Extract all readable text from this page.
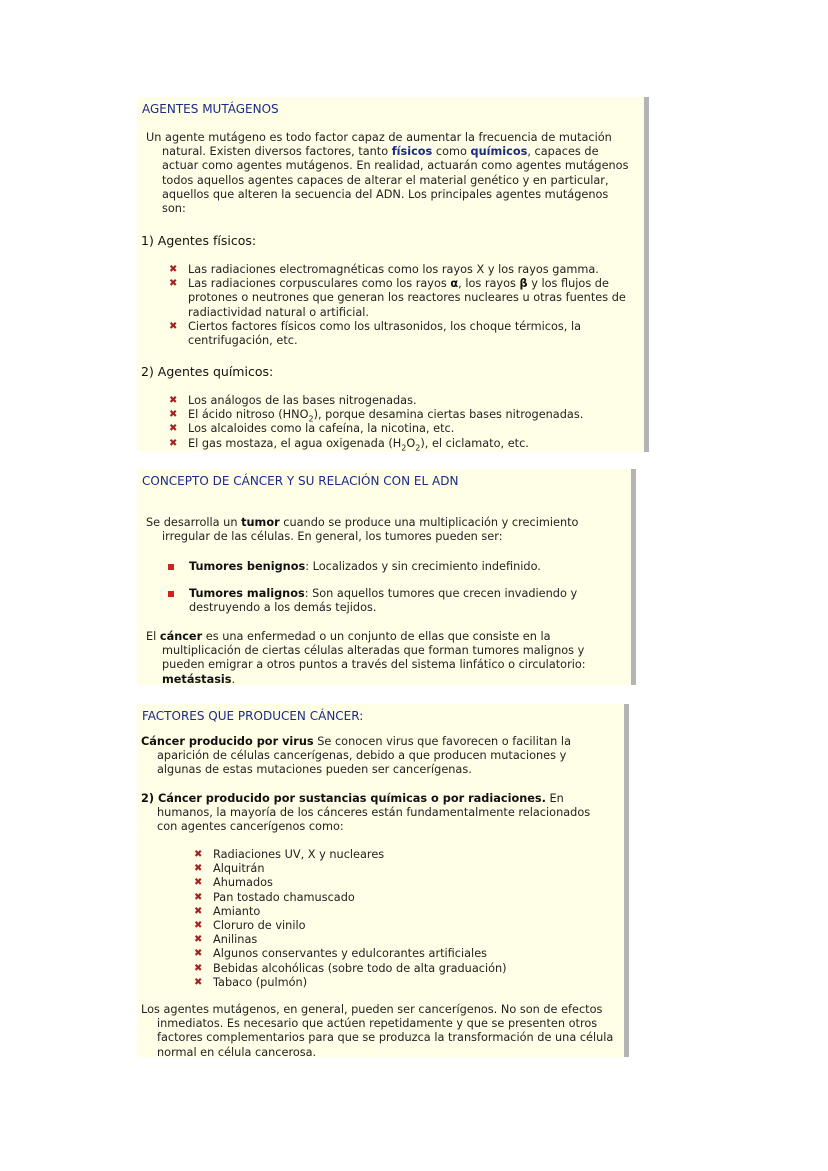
AGENTES MUTÁGENOS

Un agente mutágeno es todo factor capaz de aumentar la frecuencia de mutación natural. Existen diversos factores, tanto físicos como químicos, capaces de actuar como agentes mutágenos. En realidad, actuarán como agentes mutágenos todos aquellos agentes capaces de alterar el material genético y en particular, aquellos que alteren la secuencia del ADN. Los principales agentes mutágenos son:

1) Agentes físicos:
✖ Las radiaciones electromagnéticas como los rayos X y los rayos gamma.
✖ Las radiaciones corpusculares como los rayos α, los rayos β y los flujos de protones o neutrones que generan los reactores nucleares u otras fuentes de radiactividad natural o artificial.
✖ Ciertos factores físicos como los ultrasonidos, los choque térmicos, la centrifugación, etc.
2) Agentes químicos:
✖ Los análogos de las bases nitrogenadas.
✖ El ácido nitroso $(HNO_2)$, porque desamina ciertas bases nitrogenadas.
✖ Los alcaloides como la cafeína, la nicotina, etc.
✖ El gas mostaza, el agua oxigenada $(H_2O_2)$, el ciclamato, etc.
CONCEPTO DE CÁNCER Y SU RELACIÓN CON EL ADN

Se desarrolla un tumor cuando se produce una multiplicación y crecimiento irregular de las células. En general, los tumores pueden ser:

Tumores benignos: Localizados y sin crecimiento indefinido.
Tumores malignos: Son aquellos tumores que crecen invadiendo y destruyendo a los demás tejidos.

El cáncer es una enfermedad o un conjunto de ellas que consiste en la multiplicación de ciertas células alteradas que forman tumores malignos y pueden emigrar a otros puntos a través del sistema linfático o circulatorio: metástasis.

FACTORES QUE PRODUCEN CÁNCER:

Cáncer producido por virus Se conocen virus que favorecen o facilitan la aparición de células cancerígenas, debido a que producen mutaciones y algunas de estas mutaciones pueden ser cancerígenas.

2) Cáncer producido por sustancias químicas o por radiaciones. En humanos, la mayoría de los cánceres están fundamentalmente relacionados con agentes cancerígenos como:

✖ Radiaciones UV, X y nucleares
✖ Alquitrán
✖ Ahumados
✖ Pan tostado chamuscado
✖ Amianto
✖ Cloruro de vinilo
✖ Anilinas
✖ Algunos conservantes y edulcorantes artificiales
✖ Bebidas alcohólicas (sobre todo de alta graduación)
✖ Tabaco (pulmón)

Los agentes mutágenos, en general, pueden ser cancerígenos. No son de efectos inmediatos. Es necesario que actúen repetidamente y que se presenten otros factores complementarios para que se produzca la transformación de una célula normal en célula cancerosa.
